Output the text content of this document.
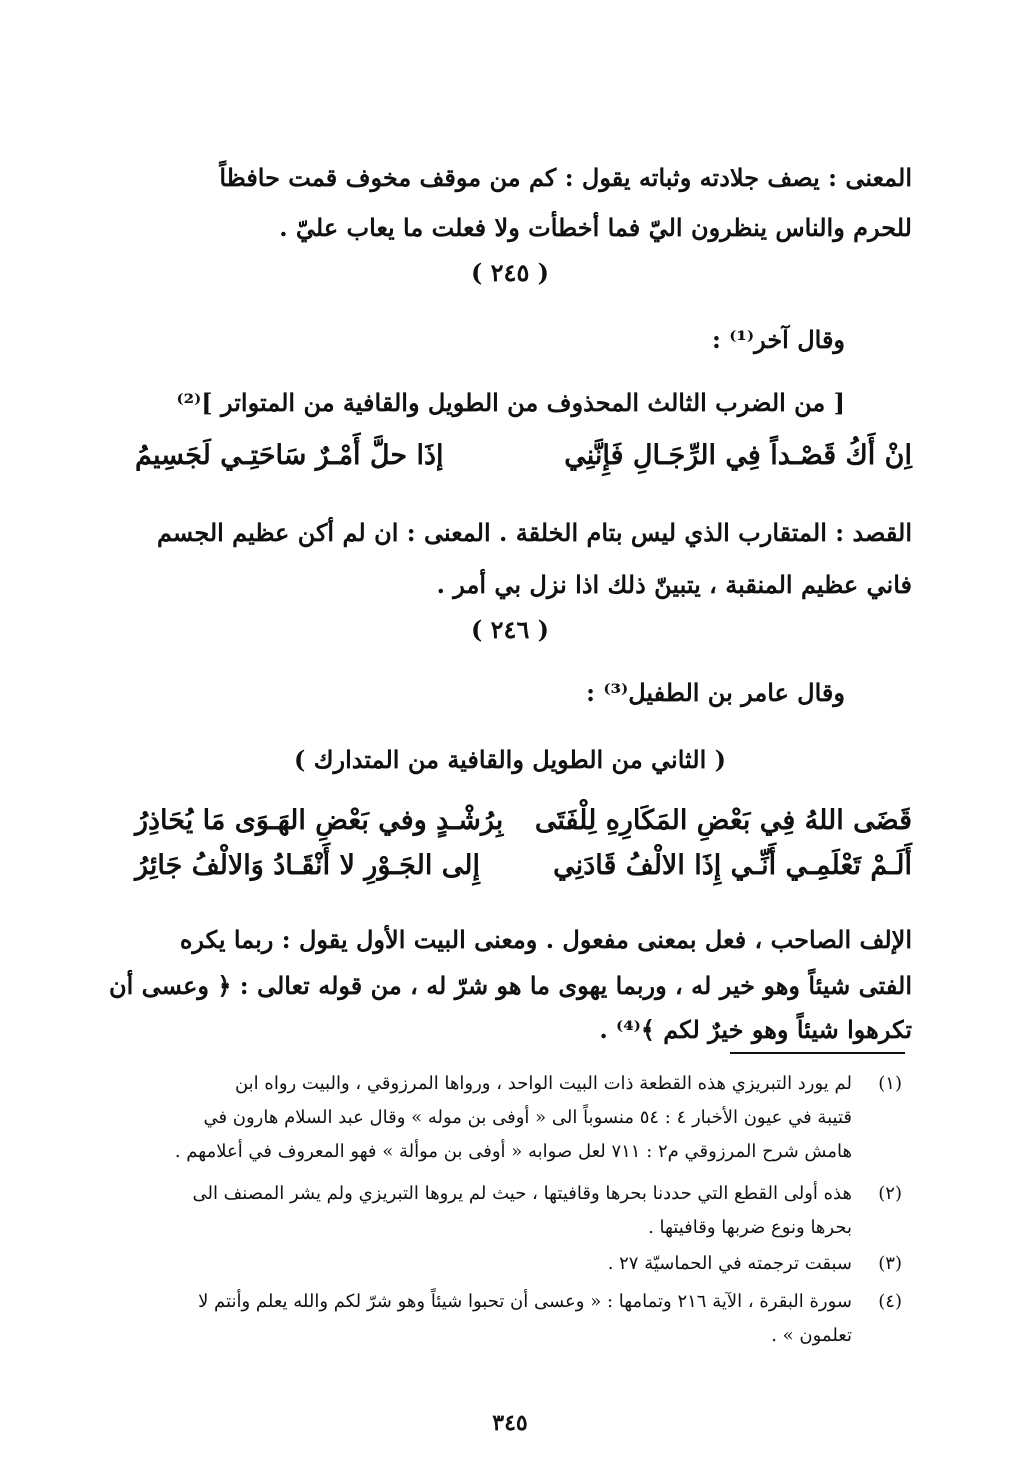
المعنى : يصف جلادته وثباته يقول : كم من موقف مخوف قمت حافظاً
للحرم والناس ينظرون اليّ فما أخطأت ولا فعلت ما يعاب عليّ .
( ٢٤٥ )
وقال آخر⁽¹⁾ :
[ من الضرب الثالث المحذوف من الطويل والقافية من المتواتر ]⁽²⁾
اِنْ أَكُ قَصْـداً فِي الرِّجَـالِ فَإِنَّنِي
إذَا حلَّ أَمْـرٌ سَاحَتِـي لَجَسِيمُ
القصد : المتقارب الذي ليس بتام الخلقة . المعنى : ان لم أكن عظيم الجسم
فاني عظيم المنقبة ، يتبينّ ذلك اذا نزل بي أمر .
( ٢٤٦ )
وقال عامر بن الطفيل⁽³⁾ :
( الثاني من الطويل والقافية من المتدارك )
قَضَى اللهُ فِي بَعْضِ المَكَارِهِ لِلْفَتَى
بِرُشْـدٍ وفي بَعْضِ الهَـوَى مَا يُحَاذِرُ
أَلَـمْ تَعْلَمِـي أَنِّـي إِذَا الالْفُ قَادَنِي
إِلى الجَـوْرِ لا أَنْقَـادُ وَالالْفُ جَائِرُ
الإلف الصاحب ، فعل بمعنى مفعول . ومعنى البيت الأول يقول : ربما يكره
الفتى شيئاً وهو خير له ، وربما يهوى ما هو شرّ له ، من قوله تعالى : ﴿ وعسى أن
تكرهوا شيئاً وهو خيرٌ لكم ﴾⁽⁴⁾ .
(١)
لم يورد التبريزي هذه القطعة ذات البيت الواحد ، ورواها المرزوقي ، والبيت رواه ابن
قتيبة في عيون الأخبار ٤ : ٥٤ منسوباً الى « أوفى بن موله » وقال عبد السلام هارون في
هامش شرح المرزوقي م٢ : ٧١١ لعل صوابه « أوفى بن موألة » فهو المعروف في أعلامهم .
(٢)
هذه أولى القطع التي حددنا بحرها وقافيتها ، حيث لم يروها التبريزي ولم يشر المصنف الى
بحرها ونوع ضربها وقافيتها .
(٣)
سبقت ترجمته في الحماسيّة ٢٧ .
(٤)
سورة البقرة ، الآية ٢١٦ وتمامها : « وعسى أن تحبوا شيئاً وهو شرّ لكم والله يعلم وأنتم لا
تعلمون » .
٣٤٥
